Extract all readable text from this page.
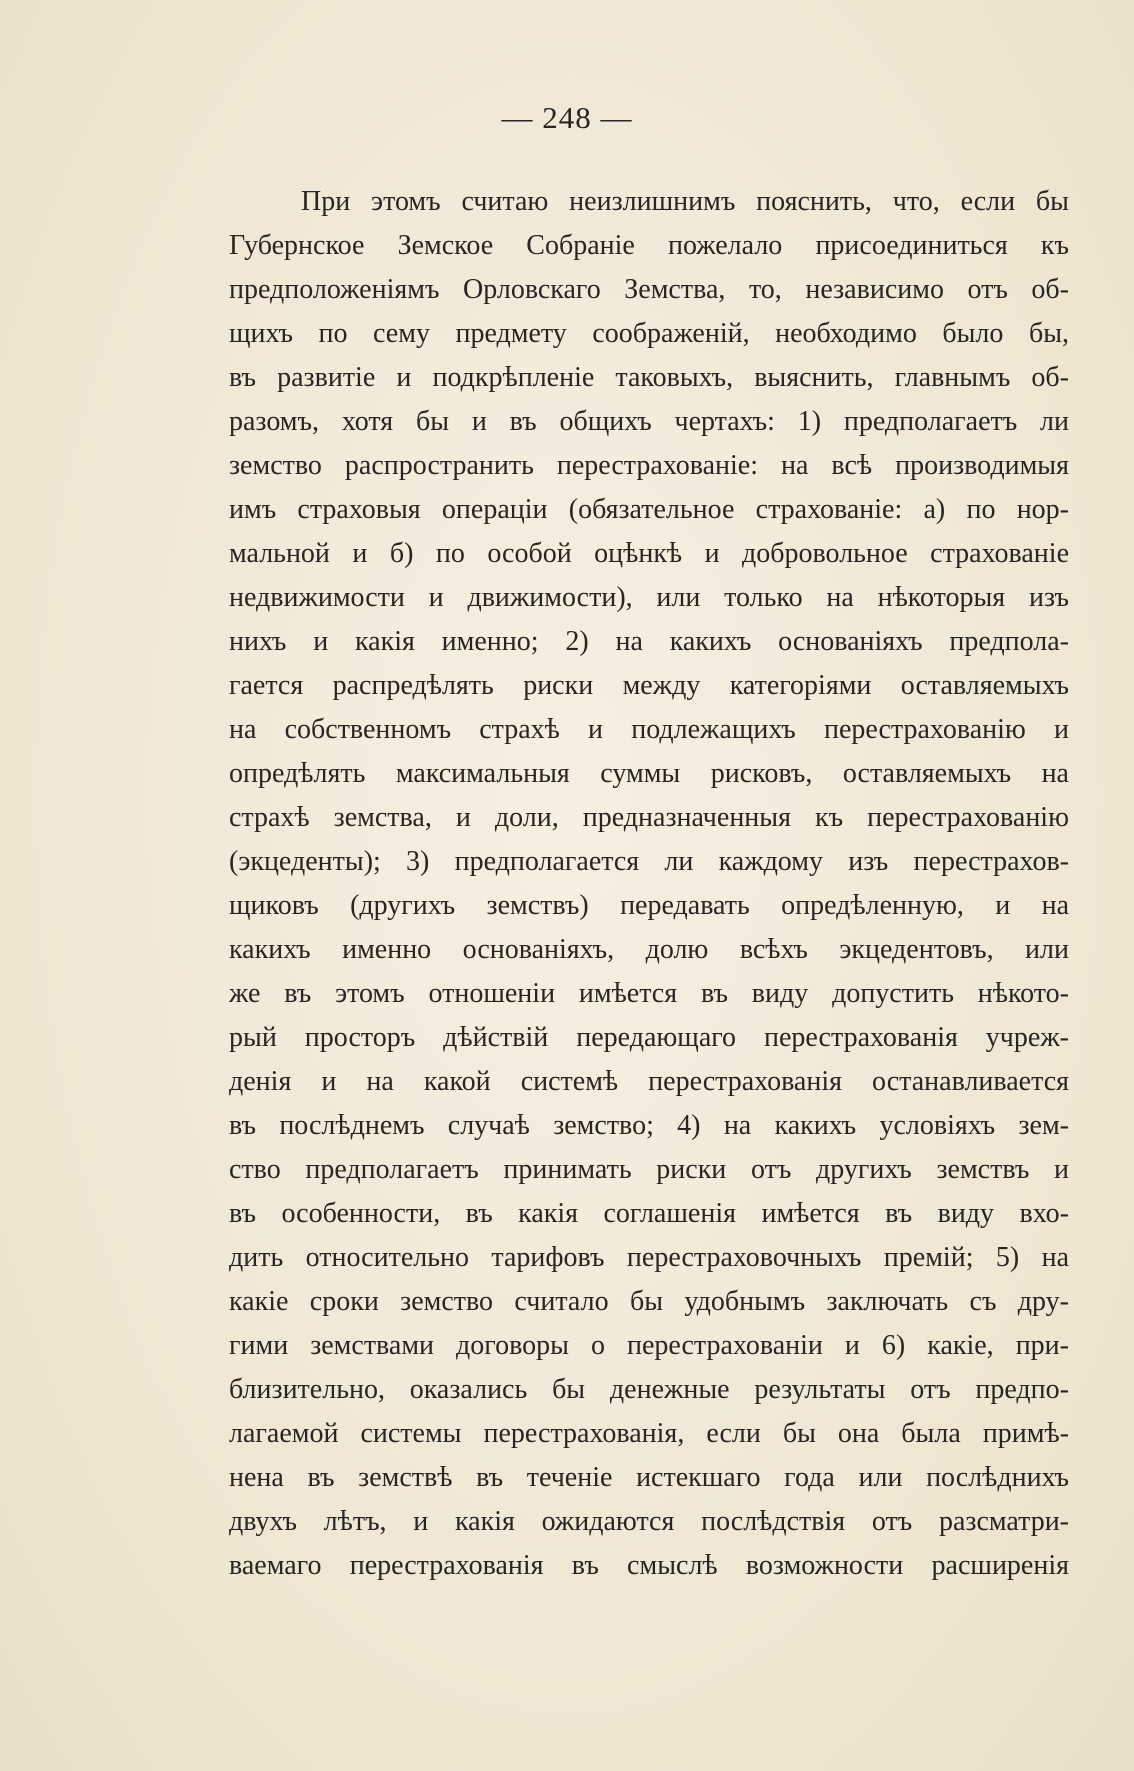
— 248 —
При этомъ считаю неизлишнимъ пояснить, что, если бы
Губернское Земское Собраніе пожелало присоединиться къ
предположеніямъ Орловскаго Земства, то, независимо отъ об-
щихъ по сему предмету соображеній, необходимо было бы,
въ развитіе и подкрѣпленіе таковыхъ, выяснить, главнымъ об-
разомъ, хотя бы и въ общихъ чертахъ: 1) предполагаетъ ли
земство распространить перестрахованіе: на всѣ производимыя
имъ страховыя операціи (обязательное страхованіе: а) по нор-
мальной и б) по особой оцѣнкѣ и добровольное страхованіе
недвижимости и движимости), или только на нѣкоторыя изъ
нихъ и какія именно; 2) на какихъ основаніяхъ предпола-
гается распредѣлять риски между категоріями оставляемыхъ
на собственномъ страхѣ и подлежащихъ перестрахованію и
опредѣлять максимальныя суммы рисковъ, оставляемыхъ на
страхѣ земства, и доли, предназначенныя къ перестрахованію
(экцеденты); 3) предполагается ли каждому изъ перестрахов-
щиковъ (другихъ земствъ) передавать опредѣленную, и на
какихъ именно основаніяхъ, долю всѣхъ экцедентовъ, или
же въ этомъ отношеніи имѣется въ виду допустить нѣкото-
рый просторъ дѣйствій передающаго перестрахованія учреж-
денія и на какой системѣ перестрахованія останавливается
въ послѣднемъ случаѣ земство; 4) на какихъ условіяхъ зем-
ство предполагаетъ принимать риски отъ другихъ земствъ и
въ особенности, въ какія соглашенія имѣется въ виду вхо-
дить относительно тарифовъ перестраховочныхъ премій; 5) на
какіе сроки земство считало бы удобнымъ заключать съ дру-
гими земствами договоры о перестрахованіи и 6) какіе, при-
близительно, оказались бы денежные результаты отъ предпо-
лагаемой системы перестрахованія, если бы она была примѣ-
нена въ земствѣ въ теченіе истекшаго года или послѣднихъ
двухъ лѣтъ, и какія ожидаются послѣдствія отъ разсматри-
ваемаго перестрахованія въ смыслѣ возможности расширенія
